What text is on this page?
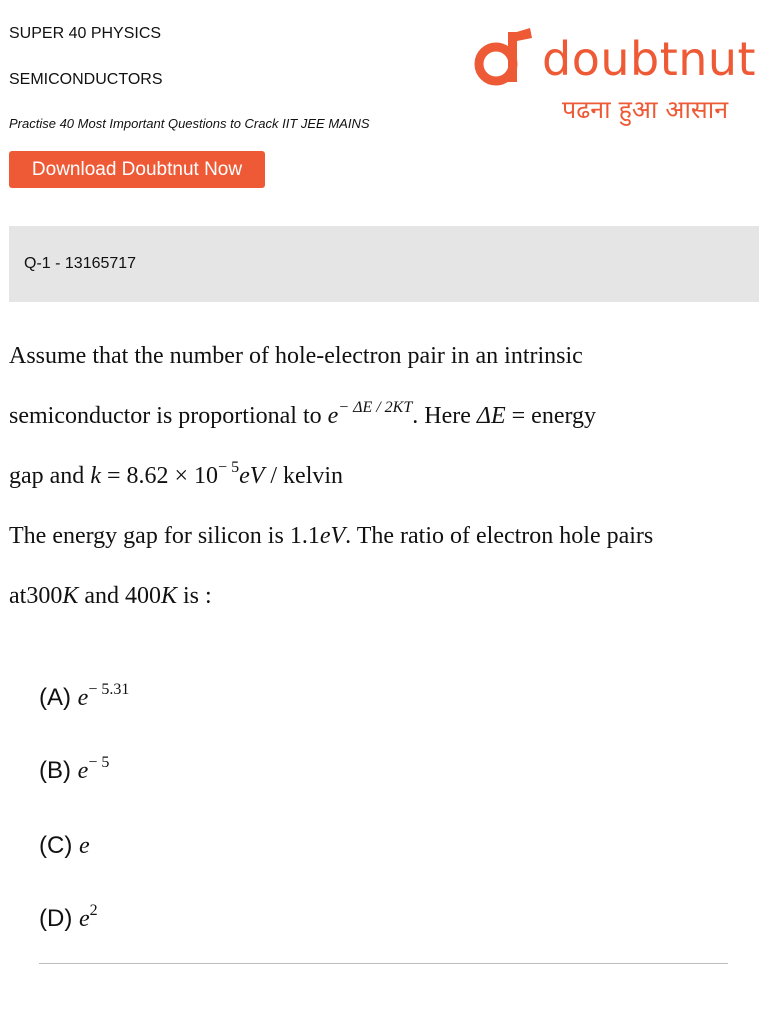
SUPER 40 PHYSICS
SEMICONDUCTORS
Practise 40 Most Important Questions to Crack IIT JEE MAINS
Download Doubtnut Now
doubtnut
पढना हुआ आसान
Q-1 - 13165717
Assume that the number of hole-electron pair in an intrinsic
semiconductor is proportional to $e^{- \Delta E / 2KT}$. Here ΔE = energy
gap and $k = 8.62 \times 10^{- 5}eV$ / kelvin
The energy gap for silicon is 1.1eV. The ratio of electron hole pairs
at300K and 400K is :
(A) $e^{- 5.31}$
(B) $e^{- 5}$
(C) e
(D) $e^2$
